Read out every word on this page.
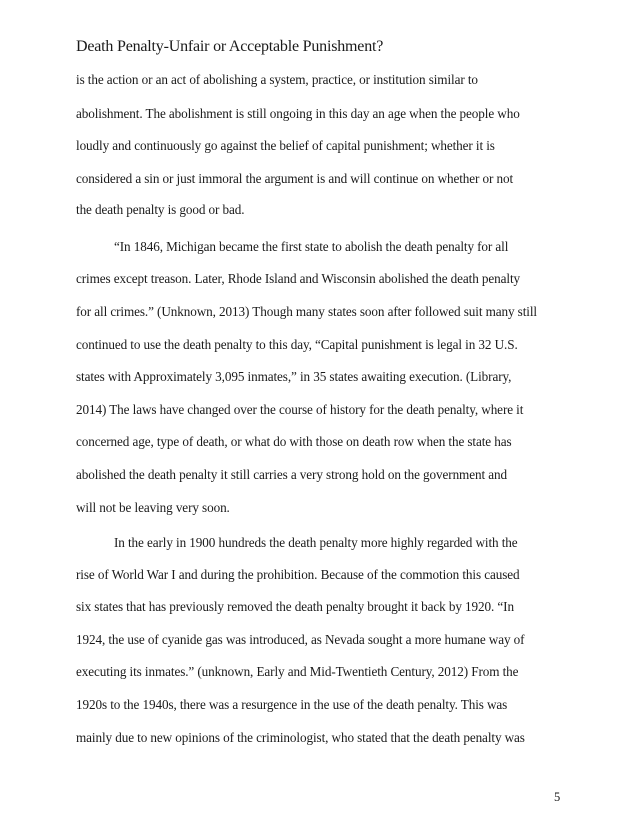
Death Penalty-Unfair or Acceptable Punishment?
is the action or an act of abolishing a system, practice, or institution similar to
abolishment. The abolishment is still ongoing in this day an age when the people who
loudly and continuously go against the belief of capital punishment; whether it is
considered a sin or just immoral the argument is and will continue on whether or not
the death penalty is good or bad.
“In 1846, Michigan became the first state to abolish the death penalty for all
crimes except treason. Later, Rhode Island and Wisconsin abolished the death penalty
for all crimes.” (Unknown, 2013) Though many states soon after followed suit many still
continued to use the death penalty to this day, “Capital punishment is legal in 32 U.S.
states with Approximately 3,095 inmates,” in 35 states awaiting execution. (Library,
2014) The laws have changed over the course of history for the death penalty, where it
concerned age, type of death, or what do with those on death row when the state has
abolished the death penalty it still carries a very strong hold on the government and
will not be leaving very soon.
In the early in 1900 hundreds the death penalty more highly regarded with the
rise of World War I and during the prohibition. Because of the commotion this caused
six states that has previously removed the death penalty brought it back by 1920. “In
1924, the use of cyanide gas was introduced, as Nevada sought a more humane way of
executing its inmates.” (unknown, Early and Mid-Twentieth Century, 2012) From the
1920s to the 1940s, there was a resurgence in the use of the death penalty. This was
mainly due to new opinions of the criminologist, who stated that the death penalty was
5
